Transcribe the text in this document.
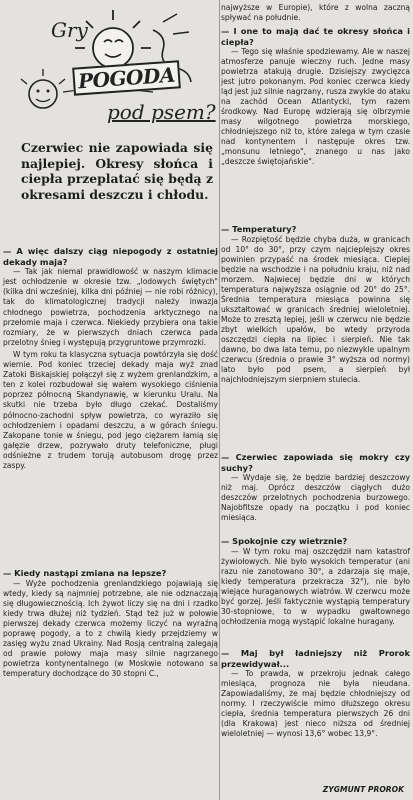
Gry
POGODA
pod psem?
Czerwiec nie zapowiada się najlepiej. Okresy słońca i ciepła przeplatać się będą z okresami deszczu i chłodu.

— A więc dalszy ciąg niepogody z ostatniej dekady maja?

— Tak jak niemal prawidłowość w naszym klimacie jest ochłodzenie w okresie tzw. „lodowych świętych" (kilka dni wcześniej, kilka dni później — nie robi różnicy), tak do klimatologicznej tradycji należy inwazja chłodnego powietrza, pochodzenia arktycznego na przełomie maja i czerwca. Niekiedy przybiera ona takie rozmiary, że w pierwszych dniach czerwca pada przelotny śnieg i występują przygruntowe przymrozki.

W tym roku ta klasyczna sytuacja powtórzyła się dość wiernie. Pod koniec trzeciej dekady maja wyż znad Zatoki Biskajskiej połączył się z wyżem grenlandzkim, a ten z kolei rozbudował się wałem wysokiego ciśnienia poprzez północną Skandynawię, w kierunku Uralu. Na skutki nie trzeba było długo czekać. Dostaliśmy północno-zachodni spływ powietrza, co wyraziło się ochłodzeniem i opadami deszczu, a w górach śniegu. Zakopane tonie w śniegu, pod jego ciężarem łamią się gałęzie drzew, pozrywało druty telefoniczne, pługi odśnieżne z trudem torują autobusom drogę przez zaspy.

— Kiedy nastąpi zmiana na lepsze?

— Wyże pochodzenia grenlandzkiego pojawiają się wtedy, kiedy są najmniej potrzebne, ale nie odznaczają się długowiecznością. Ich żywot liczy się na dni i rzadko kiedy trwa dłużej niż tydzień. Stąd też już w połowie pierwszej dekady czerwca możemy liczyć na wyraźną poprawę pogody, a to z chwilą kiedy przejdziemy w zasięg wyżu znad Ukrainy. Nad Rosją centralną zalegają od prawie połowy maja masy silnie nagrzanego powietrza kontynentalnego (w Moskwie notowano sa temperatury dochodzące do 30 stopni C.,

najwyższe w Europie), które z wolna zaczną spływać na południe.

— I one to mają dać te okresy słońca i ciepła?

— Tego się właśnie spodziewamy. Ale w naszej atmosferze panuje wieczny ruch. Jedne masy powietrza atakują drugie. Dzisiejszy zwycięzca jest jutro pokonanym. Pod koniec czerwca kiedy ląd jest już silnie nagrzany, rusza zwykle do ataku na zachód Ocean Atlantycki, tym razem środkowy. Nad Europę wdzierają się olbrzymie masy wilgotnego powietrza morskiego, chłodniejszego niż to, które zalega w tym czasie nad kontynentem i następuje okres tzw. „monsunu letniego", znanego u nas jako „deszcze świętojańskie".

— Temperatury?

— Rozpiętość będzie chyba duża, w granicach od 10° do 30°, przy czym najcieplejszy okres powinien przypaść na środek miesiąca. Cieplej będzie na wschodzie i na południu kraju, niż nad morzem. Najwiecej będzie dni w których temperatura najwyższa osiągnie od 20° do 25°. Średnia temperatura miesiąca powinna się ukształtować w granicach średniej wieloletniej. Może to zresztą lepiej, jeśli w czerwcu nie będzie zbyt wielkich upałów, bo wtedy przyroda oszczędzi ciepła na lipiec i sierpień. Nie tak dawno, bo dwa lata temu, po niezwykle upalnym czerwcu (średnia o prawie 3° wyższa od normy) lato było pod psem, a sierpień był najchłodniejszym sierpniem stulecia.

— Czerwiec zapowiada się mokry czy suchy?

— Wydaje się, że będzie bardziej deszczowy niż maj. Oprócz deszczów ciągłych dużo deszczów przelotnych pochodzenia burzowego. Najobfitsze opady na początku i pod koniec miesiąca.

— Spokojnie czy wietrznie?

— W tym roku maj oszczędził nam katastrof żywiołowych. Nie było wysokich temperatur (ani razu nie zanotowano 30°, a zdarzaja się maje, kiedy temperatura przekracza 32°), nie było wiejące huraganowych wiatrów. W czerwcu może być gorzej. Jeśli faktycznie wystąpią temperatury 30-stopniowe, to w wypadku gwałtownego ochłodzenia mogą wystąpić lokalne huragany.

— Maj był ładniejszy niż Prorok przewidywał...

— To prawda, w przekroju jednak całego miesiąca, prognoza nie była nieudana. Zapowiadaliśmy, że maj będzie chłodniejszy od normy. I rzeczywiście mimo dłuższego okresu ciepła, średnia temperatura pierwszych 26 dni (dla Krakowa) jest nieco niższa od średniej wieloletniej — wynosi 13,6° wobec 13,9°.

ZYGMUNT PROROK
